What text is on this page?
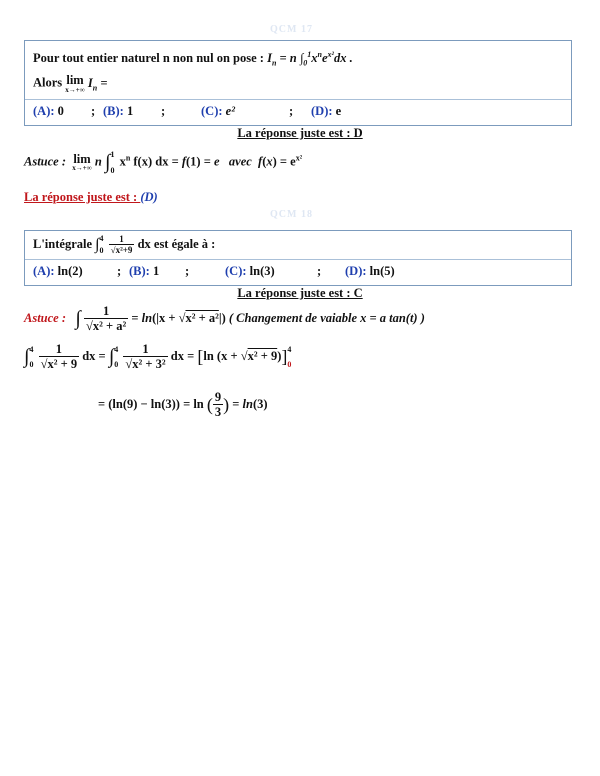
QCM 17
QCM 18
Pour tout entier naturel n non nul on pose : $I_n = n$ $\int_0^1x^ne^{x^2}dx$ .
Alors lim
x→+∞ $I_n$ =
(A): 0 ; (B): 1 ;	(C): e²	; (D): e
La réponse juste est : D
Astuce : lim
x→+∞ n ∫ 1
0
$x^n$ f(x) dx = f(1) = e avec $f(x) = e^{x^2}$
La réponse juste est : (D)
L'intégrale ∫ 4
0
$\frac{1}{\text{√x²+9}}$ dx est égale à :
(A): ln(2)	; (B): 1 ;	(C): ln(3)	; (D): ln(5)
La réponse juste est : C
Astuce : ∫ $\frac{1}{\text{√x² + a²}} = \ln(|x + √x^2 + a^2|)$ ( Changement de vaiable x = a tan(t) )
∫ 4
0
$\frac{1}{\text{√x² + 9}}$ dx = ∫ 4
0
$\frac{1}{\text{√x² + 3²}}$ dx = [ln (x + √x² + 9)] 4
0
= (ln(9) − ln(3)) = ln ( $\frac{9}{3}$ ) = ln(3)
